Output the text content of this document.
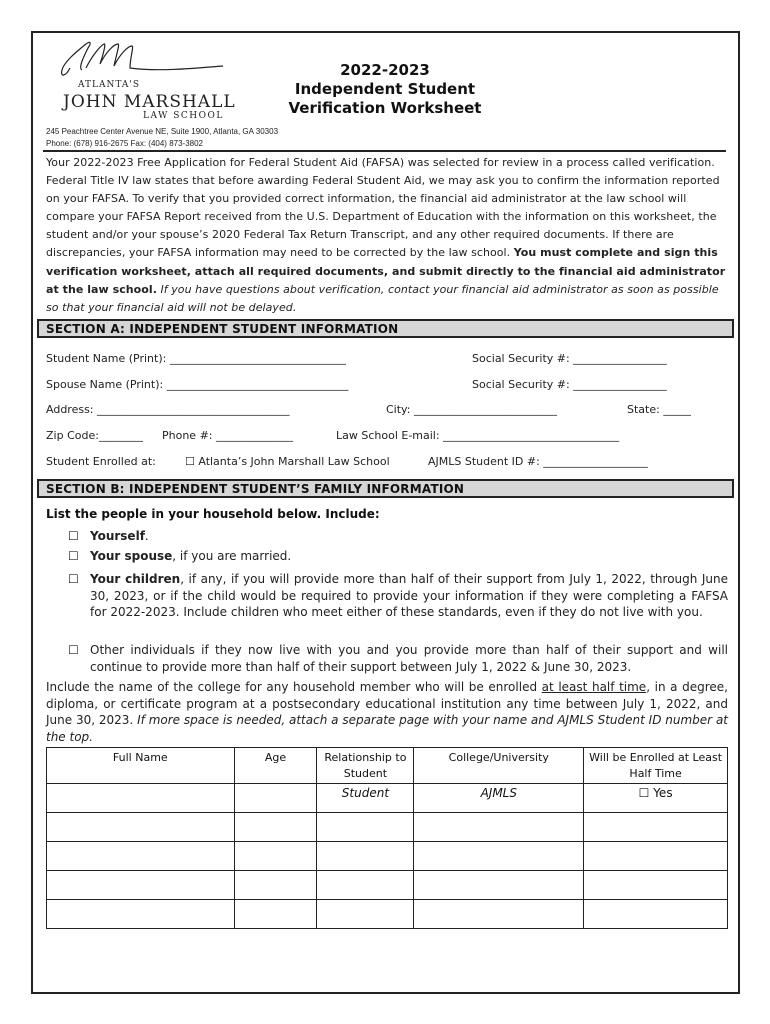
ATLANTA'S
JOHN MARSHALL
LAW SCHOOL
2022-2023
Independent Student
Verification Worksheet
245 Peachtree Center Avenue NE, Suite 1900, Atlanta, GA 30303
Phone: (678) 916-2675 Fax: (404) 873-3802
Your 2022-2023 Free Application for Federal Student Aid (FAFSA) was selected for review in a process called verification. Federal Title IV law states that before awarding Federal Student Aid, we may ask you to confirm the information reported on your FAFSA. To verify that you provided correct information, the financial aid administrator at the law school will compare your FAFSA Report received from the U.S. Department of Education with the information on this worksheet, the student and/or your spouse’s 2020 Federal Tax Return Transcript, and any other required documents. If there are discrepancies, your FAFSA information may need to be corrected by the law school. You must complete and sign this verification worksheet, attach all required documents, and submit directly to the financial aid administrator at the law school. If you have questions about verification, contact your financial aid administrator as soon as possible so that your financial aid will not be delayed.
SECTION A: INDEPENDENT STUDENT INFORMATION
Student Name (Print): ________________________________	Social Security #: _________________
Spouse Name (Print): _________________________________	Social Security #: _________________
Address: ___________________________________	City: __________________________	State: _____
Zip Code:________ Phone #: ______________	Law School E-mail: ________________________________
Student Enrolled at:	☐ Atlanta’s John Marshall Law School	AJMLS Student ID #: ___________________
SECTION B: INDEPENDENT STUDENT’S FAMILY INFORMATION
List the people in your household below. Include:
☐ Yourself.
☐ Your spouse, if you are married.
☐ Your children, if any, if you will provide more than half of their support from July 1, 2022, through June 30, 2023, or if the child would be required to provide your information if they were completing a FAFSA for 2022-2023. Include children who meet either of these standards, even if they do not live with you.
☐ Other individuals if they now live with you and you provide more than half of their support and will continue to provide more than half of their support between July 1, 2022 & June 30, 2023.
Include the name of the college for any household member who will be enrolled at least half time, in a degree, diploma, or certificate program at a postsecondary educational institution any time between July 1, 2022, and June 30, 2023. If more space is needed, attach a separate page with your name and AJMLS Student ID number at the top.
Full Name	Age	Relationship to Student	College/University	Will be Enrolled at Least Half Time
		Student	AJMLS	☐ Yes
